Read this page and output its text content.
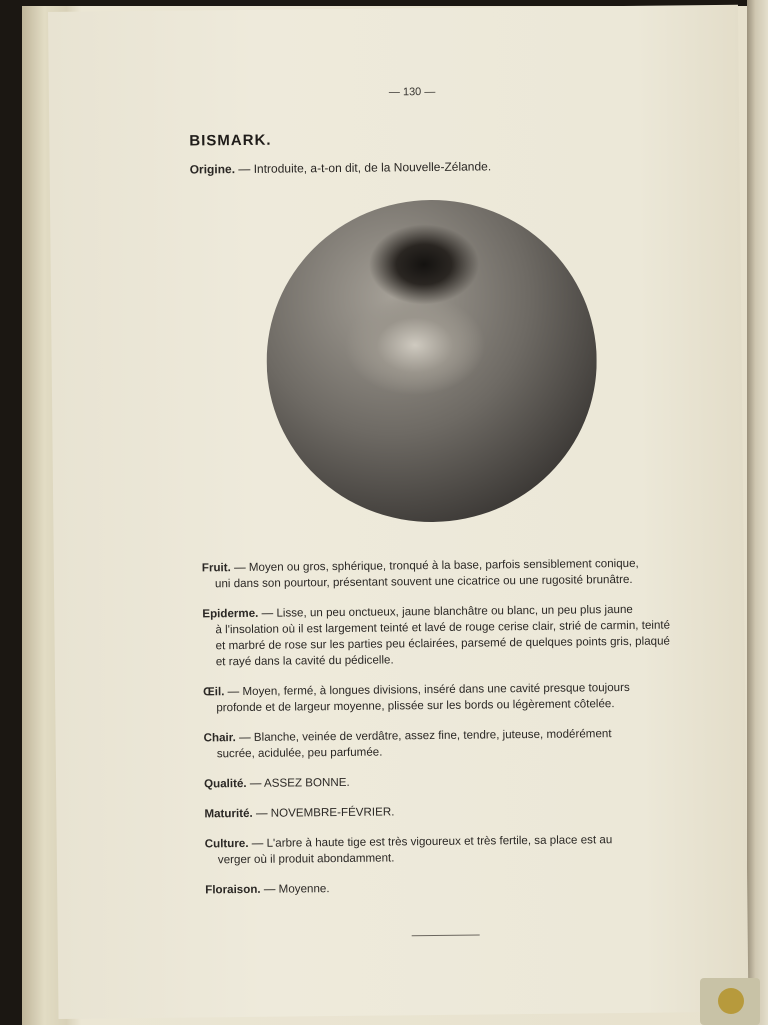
— 130 —
BISMARK.
Origine. — Introduite, a-t-on dit, de la Nouvelle-Zélande.
Fruit. — Moyen ou gros, sphérique, tronqué à la base, parfois sensiblement conique,
uni dans son pourtour, présentant souvent une cicatrice ou une rugosité brunâtre.
Epiderme. — Lisse, un peu onctueux, jaune blanchâtre ou blanc, un peu plus jaune
à l'insolation où il est largement teinté et lavé de rouge cerise clair, strié de carmin, teinté et marbré de rose sur les parties peu éclairées, parsemé de quelques points gris, plaqué et rayé dans la cavité du pédicelle.
Œil. — Moyen, fermé, à longues divisions, inséré dans une cavité presque toujours
profonde et de largeur moyenne, plissée sur les bords ou légèrement côtelée.
Chair. — Blanche, veinée de verdâtre, assez fine, tendre, juteuse, modérément
sucrée, acidulée, peu parfumée.
Qualité. — ASSEZ BONNE.
Maturité. — NOVEMBRE-FÉVRIER.
Culture. — L'arbre à haute tige est très vigoureux et très fertile, sa place est au
verger où il produit abondamment.
Floraison. — Moyenne.
